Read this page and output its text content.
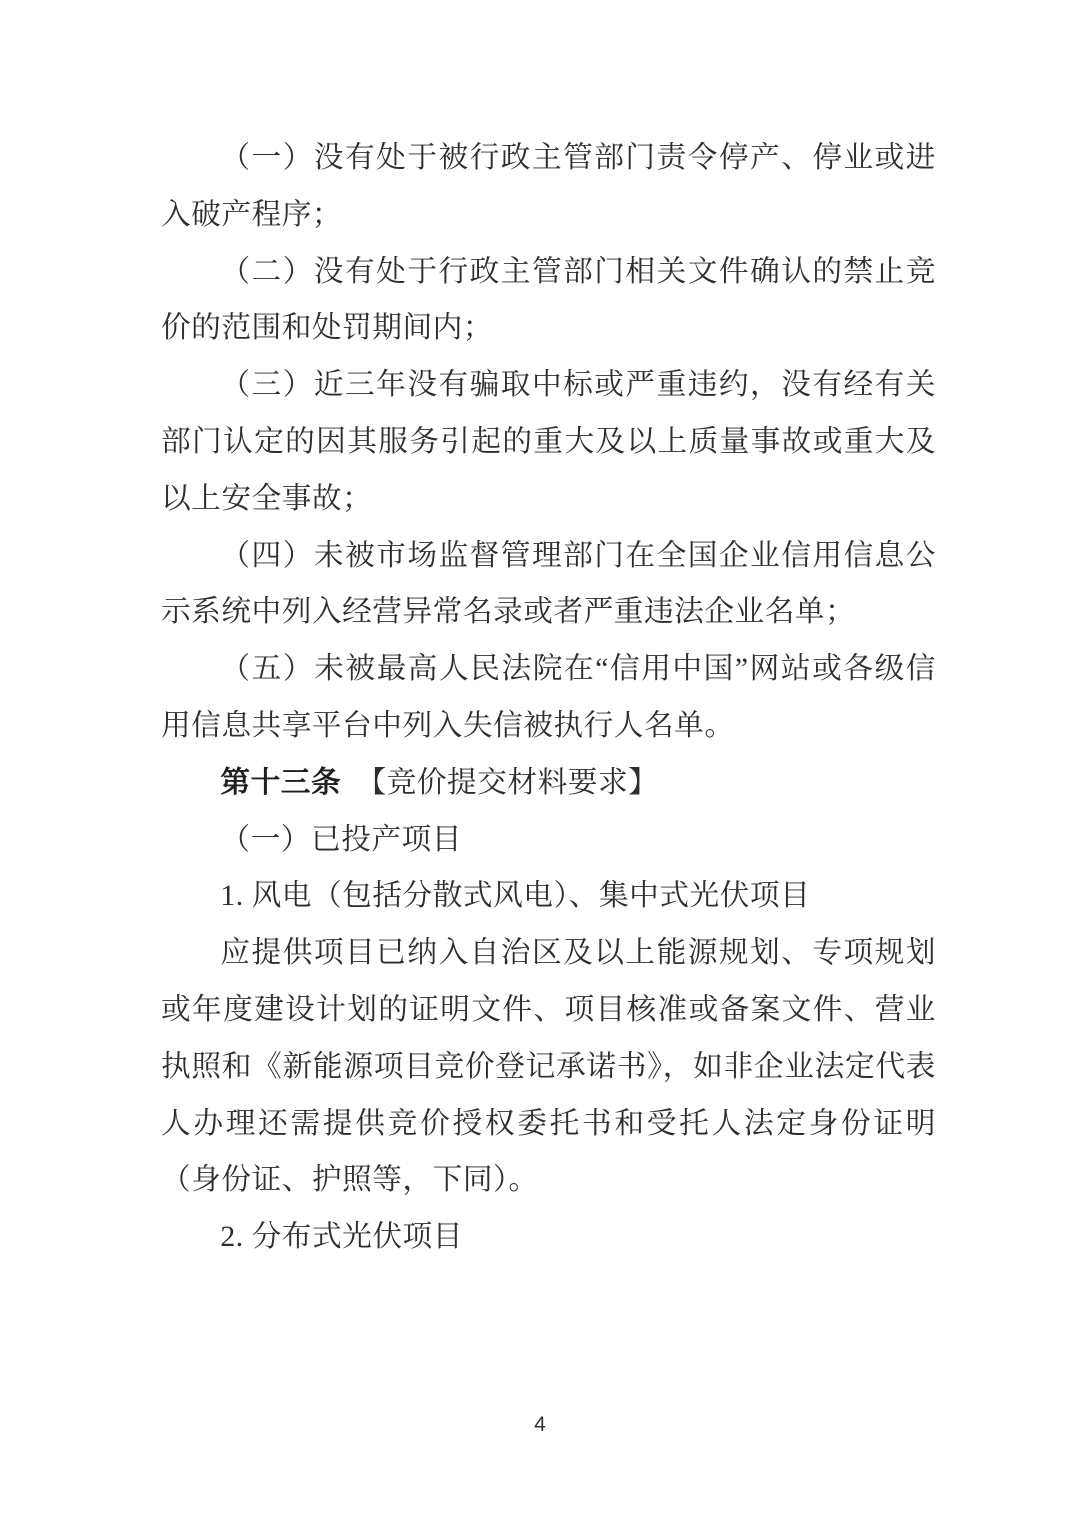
（一）没有处于被行政主管部门责令停产、停业或进入破产程序；

（二）没有处于行政主管部门相关文件确认的禁止竞价的范围和处罚期间内；

（三）近三年没有骗取中标或严重违约，没有经有关部门认定的因其服务引起的重大及以上质量事故或重大及以上安全事故；

（四）未被市场监督管理部门在全国企业信用信息公示系统中列入经营异常名录或者严重违法企业名单；

（五）未被最高人民法院在“信用中国”网站或各级信用信息共享平台中列入失信被执行人名单。

第十三条　 【竞价提交材料要求】

（一）已投产项目

1. 风电（包括分散式风电）、集中式光伏项目

应提供项目已纳入自治区及以上能源规划、专项规划或年度建设计划的证明文件、项目核准或备案文件、营业执照和《新能源项目竞价登记承诺书》，如非企业法定代表人办理还需提供竞价授权委托书和受托人法定身份证明（身份证、护照等，下同）。

2. 分布式光伏项目

4
